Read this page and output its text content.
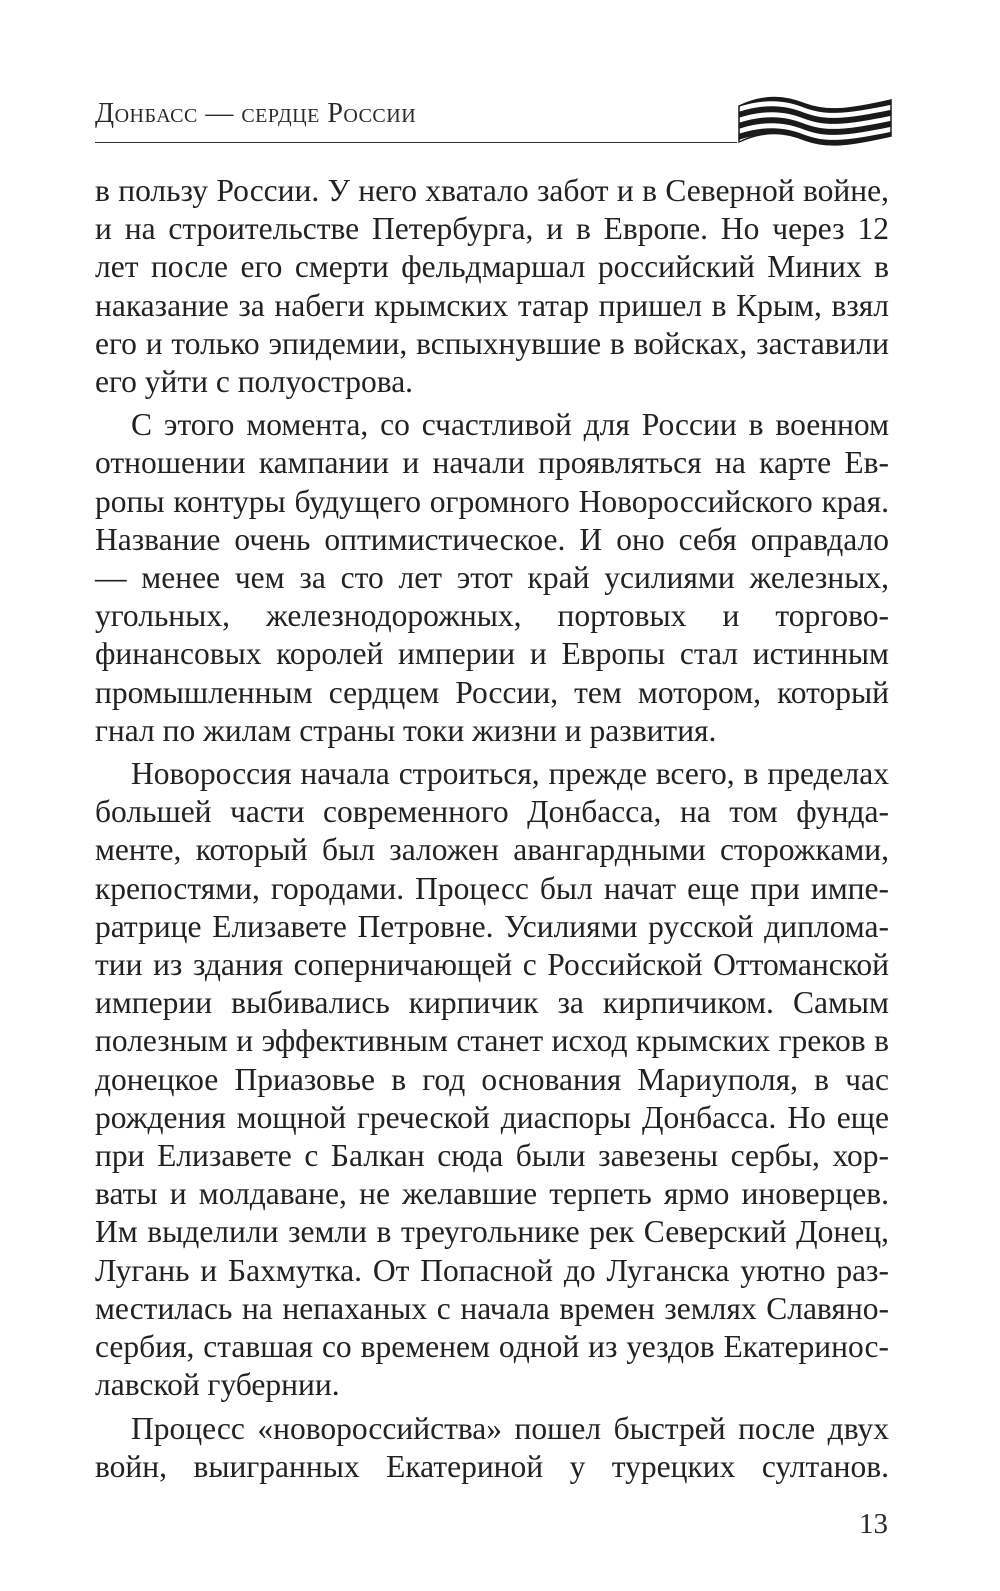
Донбасс — сердце России

в пользу России. У него хватало забот и в Северной войне, и на строительстве Петербурга, и в Европе. Но через 12 лет после его смерти фельдмаршал российский Миних в наказание за набеги крымских татар пришел в Крым, взял его и только эпидемии, вспыхнувшие в войсках, заставили его уйти с полуострова.

С этого момента, со счастливой для России в военном отношении кампании и начали проявляться на карте Европы контуры будущего огромного Новороссийского края. Название очень оптимистическое. И оно себя оправдало — менее чем за сто лет этот край усилиями железных, угольных, железнодорожных, портовых и торгово-финансовых королей империи и Европы стал истинным промышленным сердцем России, тем мотором, который гнал по жилам страны токи жизни и развития.

Новороссия начала строиться, прежде всего, в пределах большей части современного Донбасса, на том фундаменте, который был заложен авангардными сторожками, крепостями, городами. Процесс был начат еще при императрице Елизавете Петровне. Усилиями русской дипломатии из здания соперничающей с Российской Оттоманской империи выбивались кирпичик за кирпичиком. Самым полезным и эффективным станет исход крымских греков в донецкое Приазовье в год основания Мариуполя, в час рождения мощной греческой диаспоры Донбасса. Но еще при Елизавете с Балкан сюда были завезены сербы, хорваты и молдаване, не желавшие терпеть ярмо иноверцев. Им выделили земли в треугольнике рек Северский Донец, Лугань и Бахмутка. От Попасной до Луганска уютно разместилась на непаханых с начала времен землях Славяносербия, ставшая со временем одной из уездов Екатеринославской губернии.

Процесс «новороссийства» пошел быстрей после двух войн, выигранных Екатериной у турецких султанов.

13
